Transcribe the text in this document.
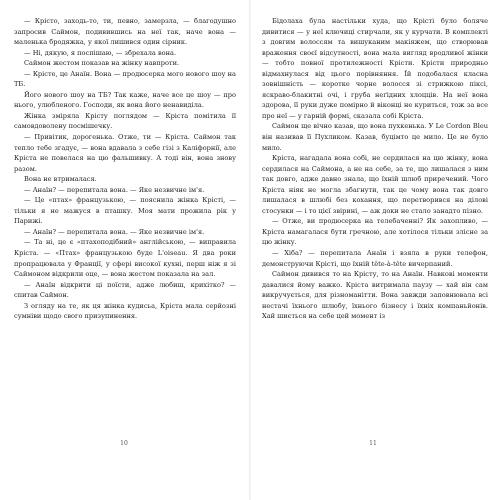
— Крісто, заходь-то, ти, певно, замерзла, — благодушно запросив Саймон, подивившись на неї так, наче вона — маленька бродяжка, у якої лишився один сірник.

— Ні, дякую, я поспішаю, — збрехала вона.

Саймон жестом показав на жінку навпроти.

— Крісте, це Анаїн. Вона — продюсерка мого нового шоу на ТБ.

Його нового шоу на ТБ? Так каже, наче все це шоу — про нього, улюбленого. Господи, як вона його ненавиділа.

Жінка зміряла Крісту поглядом — Кріста помітила її самовдоволену посмішечку.

— Привітик, дорогенька. Отже, ти — Кріста. Саймон так тепло тебе згадує, — вона вдавала з себе гізі з Каліфорнії, але Кріста не повелася на цю фальшивку. А тоді він, вона знову разом.

Вона не втрималася.

— Анаїн? — перепитала вона. — Яке незвичне ім'я.

— Це «птах» французькою, — пояснила жінка Крісті, — тільки я не мажуся в пташку. Моя мати прожила рік у Парижі.

— Анаїн? — перепитала вона. — Яке незвичне ім'я.

— Та ні, це є «птахоподібний» англійською, — виправила Кріста. — «Птах» французькою буде L'oiseau. Я два роки пропрацювала у Франції, у сфері високої кухні, перш ніж я зі Саймоном відкрили оце, — вона жестом показала на зал.

— Анаїн відкрити ці поїсти, адже любиш, крихітко? — спитав Саймон.

З огляду на те, як ця жінка кудисьа, Кріста мала серйозні сумніви щодо свого призупинення.

10

Бідолаха була настільки худа, що Крісті було боляче дивитися — у неї ключиці стирчали, як у курчати. В комплекті з довгим волоссям та вишуканим макіяжем, що створював враження своєї відсутності, вона мала вигляд вродливої жінки — тобто повної протилежності Крісти. Крісти природньо відмахнулася від цього порівняння. Їй подобалася класна зовнішність — коротке чорне волосся зі стрижкою піксі, яскраво-блакитні очі, і груба неґідних хлоцців. На неї вона здорова, її руки дуже помірно й віконці не куриться, тож за все про неї — у гарній формі, сказала собі Кріста.

Саймон ще вічно казав, що вона пухкенька. У Le Cordon Bleu він називав її Пухликом. Казав, буцімто це мило. Це не було мило.

Кріста, нагадала вона собі, не сердилася на цю жінку, вона сердилася на Саймона, а не на себе, за те, що лишалася з ним так довго, адже давно знала, що їхній шлюб приречений. Чого Кріста ніяк не могла збагнути, так це чому вона так довго лишалася в шлюбі без кохання, що перетворився на ділові стосунки — і то цієї звірині, — аж доки не стало занадто пізно.

— Отже, ви продюсерка на телебаченні? Як захопливо, — Кріста намагалася бути гречною, але хотілося тільки злісне за цю жінку.

— Хіба? — перепитала Анаїн і взяла в руки телефон, демонструючи Крісті, що їхній tête-à-tête вичерпаний.

Саймон дивився то на Крісту, то на Анаїн. Навкові моменти давалися йому важко. Кріста витримала паузу — хай він сам викручується, для різноманітти. Вона завжди заповнювала всі нестачі їхнього шлюбу, їхнього бізнесу і їхніх компаньйонів. Хай шиється на себе цей момент із

11
